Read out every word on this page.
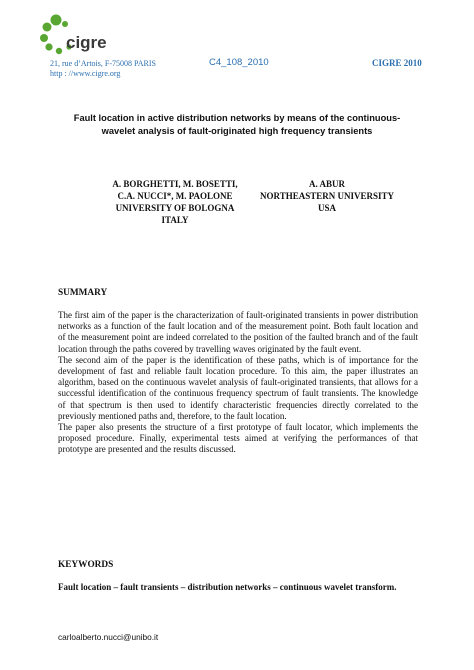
cigre
21, rue d’Artois, F-75008 PARIS
http : //www.cigre.org
C4_108_2010	CIGRE 2010
Fault location in active distribution networks by means of the continuous-
wavelet analysis of fault-originated high frequency transients
A. BORGHETTI, M. BOSETTI,
C.A. NUCCI*, M. PAOLONE
UNIVERSITY OF BOLOGNA
ITALY
A. ABUR
NORTHEASTERN UNIVERSITY
USA
SUMMARY

The first aim of the paper is the characterization of fault-originated transients in power distribution networks as a function of the fault location and of the measurement point. Both fault location and of the measurement point are indeed correlated to the position of the faulted branch and of the fault location through the paths covered by travelling waves originated by the fault event.

The second aim of the paper is the identification of these paths, which is of importance for the development of fast and reliable fault location procedure. To this aim, the paper illustrates an algorithm, based on the continuous wavelet analysis of fault-originated transients, that allows for a successful identification of the continuous frequency spectrum of fault transients. The knowledge of that spectrum is then used to identify characteristic frequencies directly correlated to the previously mentioned paths and, therefore, to the fault location.

The paper also presents the structure of a first prototype of fault locator, which implements the proposed procedure. Finally, experimental tests aimed at verifying the performances of that prototype are presented and the results discussed.

KEYWORDS
Fault location – fault transients – distribution networks – continuous wavelet transform.
carloalberto.nucci@unibo.it
